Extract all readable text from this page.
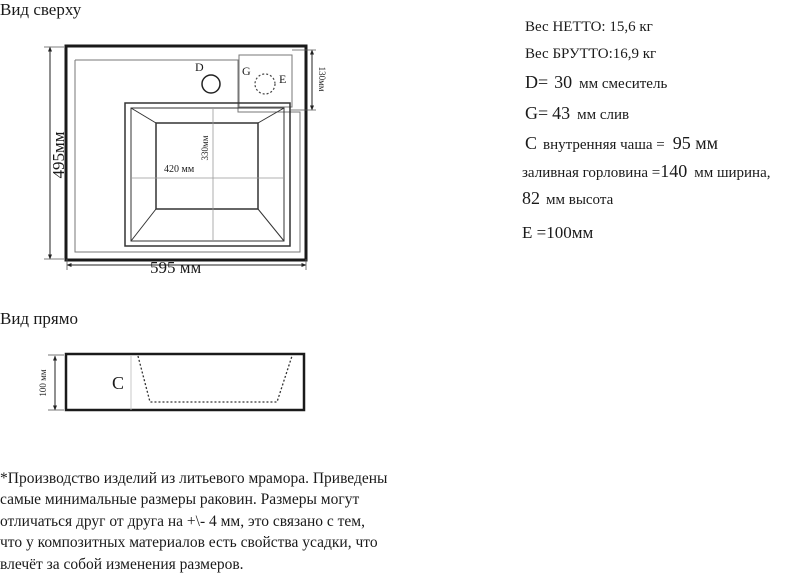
Вид сверху
Вид прямо
495мм
595 мм
130мм
420 мм
330мм
D	G
E
100 мм	C
Вес НЕТТО: 15,6 кг
Вес БРУТТО:16,9 кг
D= 30 мм смеситель
G= 43 мм слив
C внутренняя чаша = 95 мм
заливная горловина =140 мм ширина,
82 мм высота
E =100мм
*Производство изделий из литьевого мрамора. Приведены
самые минимальные размеры раковин. Размеры могут
отличаться друг от друга на +\- 4 мм, это связано с тем,
что у композитных материалов есть свойства усадки, что
влечёт за собой изменения размеров.
